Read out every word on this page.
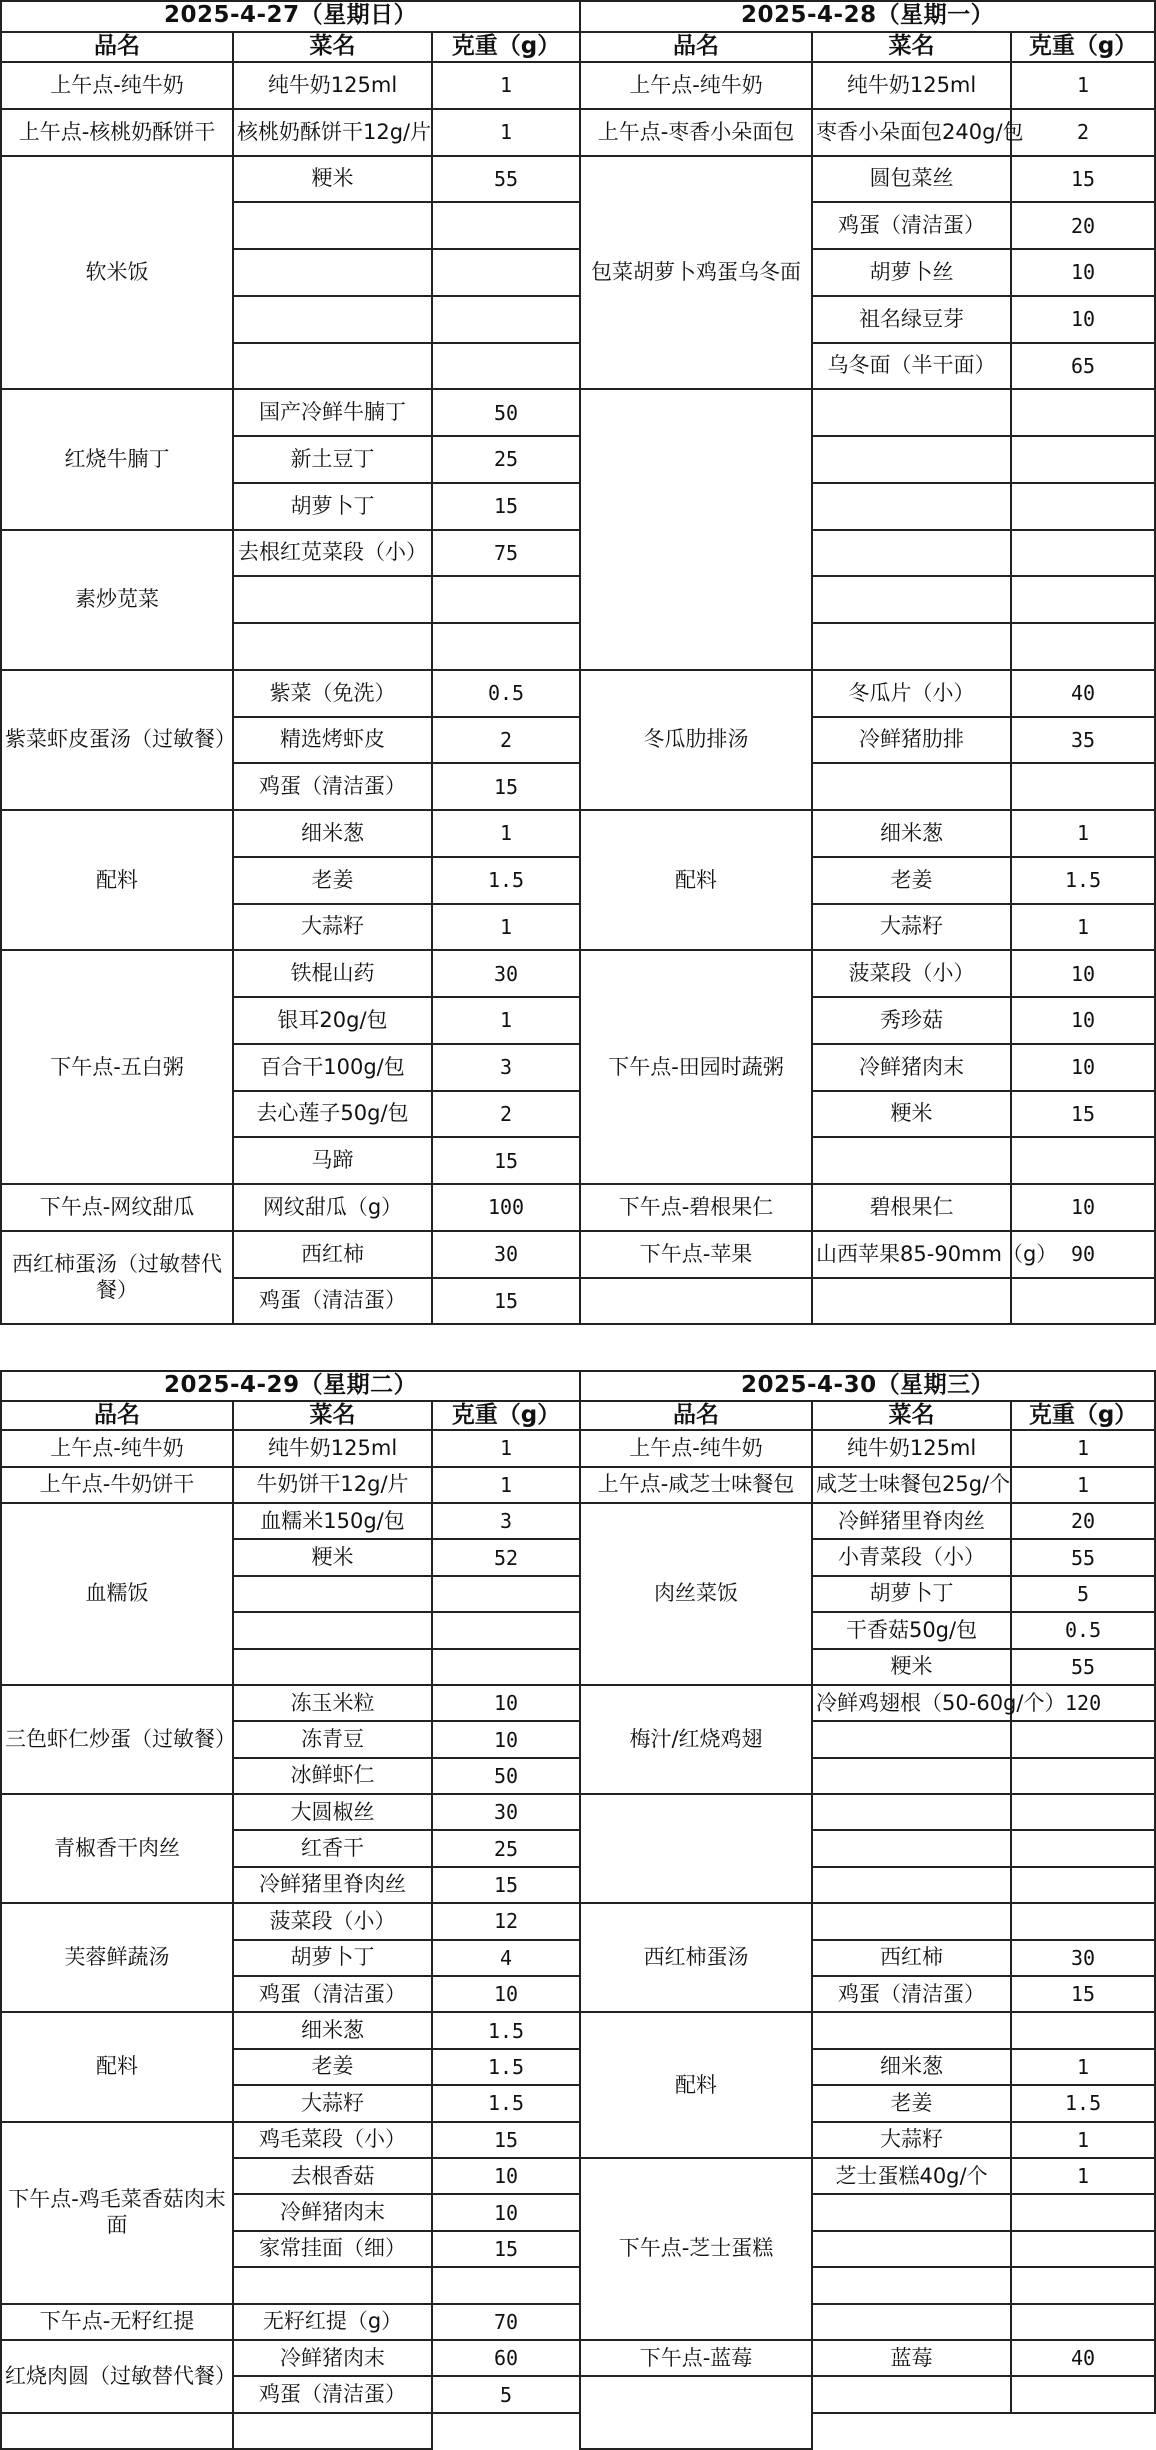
2025-4-27（星期日）			2025-4-28（星期一）		
品名	菜名	克重（g）	品名	菜名	克重（g）
上午点-纯牛奶	纯牛奶125ml	1	上午点-纯牛奶	纯牛奶125ml	1
上午点-核桃奶酥饼干	核桃奶酥饼干12g/片	1	上午点-枣香小朵面包	枣香小朵面包240g/包	2
软米饭	粳米	55	包菜胡萝卜鸡蛋乌冬面	圆包菜丝	15
				鸡蛋（清洁蛋）	20
				胡萝卜丝	10
				祖名绿豆芽	10
				乌冬面（半干面）	65
红烧牛腩丁	国产冷鲜牛腩丁	50			
	新土豆丁	25			
	胡萝卜丁	15			
素炒苋菜	去根红苋菜段（小）	75			

紫菜虾皮蛋汤（过敏餐）	紫菜（免洗）	0.5	冬瓜肋排汤	冬瓜片（小）	40
	精选烤虾皮	2		冷鲜猪肋排	35
	鸡蛋（清洁蛋）	15			
配料	细米葱	1	配料	细米葱	1
	老姜	1.5		老姜	1.5
	大蒜籽	1		大蒜籽	1
下午点-五白粥	铁棍山药	30	下午点-田园时蔬粥	菠菜段（小）	10
	银耳20g/包	1		秀珍菇	10
	百合干100g/包	3		冷鲜猪肉末	10
	去心莲子50g/包	2		粳米	15
	马蹄	15			
下午点-网纹甜瓜	网纹甜瓜（g）	100	下午点-碧根果仁	碧根果仁	10
西红柿蛋汤（过敏替代餐）	西红柿	30	下午点-苹果	山西苹果85-90mm（g）	90
	鸡蛋（清洁蛋）	15			

2025-4-29（星期二）			2025-4-30（星期三）		
品名	菜名	克重（g）	品名	菜名	克重（g）
上午点-纯牛奶	纯牛奶125ml	1	上午点-纯牛奶	纯牛奶125ml	1
上午点-牛奶饼干	牛奶饼干12g/片	1	上午点-咸芝士味餐包	咸芝士味餐包25g/个	1
血糯饭	血糯米150g/包	3	肉丝菜饭	冷鲜猪里脊肉丝	20
	粳米	52		小青菜段（小）	55
				胡萝卜丁	5
				干香菇50g/包	0.5
				粳米	55
三色虾仁炒蛋（过敏餐）	冻玉米粒	10	梅汁/红烧鸡翅	冷鲜鸡翅根（50-60g/个）	120
	冻青豆	10			
	冰鲜虾仁	50			
青椒香干肉丝	大圆椒丝	30			
	红香干	25			
	冷鲜猪里脊肉丝	15			
芙蓉鲜蔬汤	菠菜段（小）	12	西红柿蛋汤		
	胡萝卜丁	4		西红柿	30
	鸡蛋（清洁蛋）	10		鸡蛋（清洁蛋）	15
配料	细米葱	1.5	配料		
	老姜	1.5		细米葱	1
	大蒜籽	1.5		老姜	1.5
下午点-鸡毛菜香菇肉末面	鸡毛菜段（小）	15		大蒜籽	1
	去根香菇	10	下午点-芝士蛋糕	芝士蛋糕40g/个	1
	冷鲜猪肉末	10			
	家常挂面（细）	15			

下午点-无籽红提	无籽红提（g）	70			
红烧肉圆（过敏替代餐）	冷鲜猪肉末	60	下午点-蓝莓	蓝莓	40
	鸡蛋（清洁蛋）	5			
